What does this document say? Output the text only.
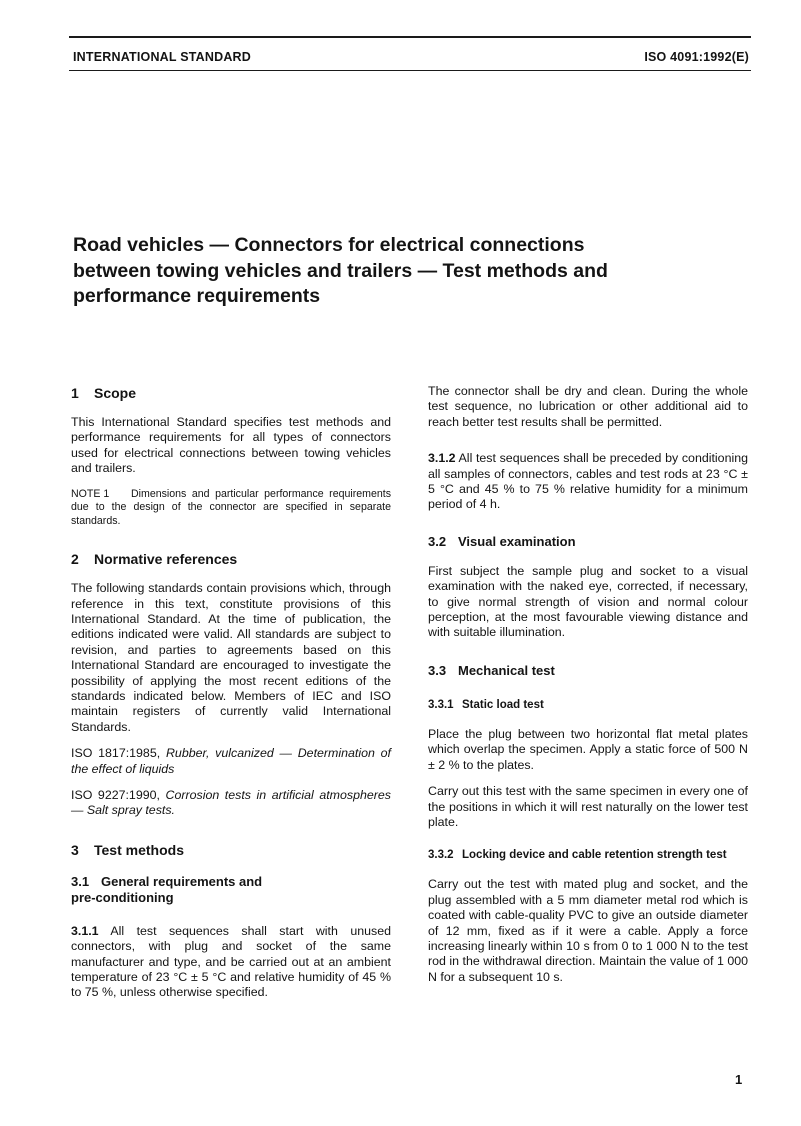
INTERNATIONAL STANDARD	ISO 4091:1992(E)
Road vehicles — Connectors for electrical connections
between towing vehicles and trailers — Test methods and
performance requirements
1 Scope

This International Standard specifies test methods and performance requirements for all types of connectors used for electrical connections between towing vehicles and trailers.

NOTE 1 Dimensions and particular performance requirements due to the design of the connector are specified in separate standards.

2 Normative references

The following standards contain provisions which, through reference in this text, constitute provisions of this International Standard. At the time of publication, the editions indicated were valid. All standards are subject to revision, and parties to agreements based on this International Standard are encouraged to investigate the possibility of applying the most recent editions of the standards indicated below. Members of IEC and ISO maintain registers of currently valid International Standards.

ISO 1817:1985, Rubber, vulcanized — Determination of the effect of liquids

ISO 9227:1990, Corrosion tests in artificial atmospheres — Salt spray tests.

3 Test methods
3.1 General requirements and
pre-conditioning

3.1.1 All test sequences shall start with unused connectors, with plug and socket of the same manufacturer and type, and be carried out at an ambient temperature of 23 °C ± 5 °C and relative humidity of 45 % to 75 %, unless otherwise specified.

The connector shall be dry and clean. During the whole test sequence, no lubrication or other additional aid to reach better test results shall be permitted.

3.1.2 All test sequences shall be preceded by conditioning all samples of connectors, cables and test rods at 23 °C ± 5 °C and 45 % to 75 % relative humidity for a minimum period of 4 h.

3.2 Visual examination

First subject the sample plug and socket to a visual examination with the naked eye, corrected, if necessary, to give normal strength of vision and normal colour perception, at the most favourable viewing distance and with suitable illumination.

3.3 Mechanical test
3.3.1 Static load test

Place the plug between two horizontal flat metal plates which overlap the specimen. Apply a static force of 500 N ± 2 % to the plates.

Carry out this test with the same specimen in every one of the positions in which it will rest naturally on the lower test plate.

3.3.2 Locking device and cable retention strength test

Carry out the test with mated plug and socket, and the plug assembled with a 5 mm diameter metal rod which is coated with cable-quality PVC to give an outside diameter of 12 mm, fixed as if it were a cable. Apply a force increasing linearly within 10 s from 0 to 1 000 N to the test rod in the withdrawal direction. Maintain the value of 1 000 N for a subsequent 10 s.

1
